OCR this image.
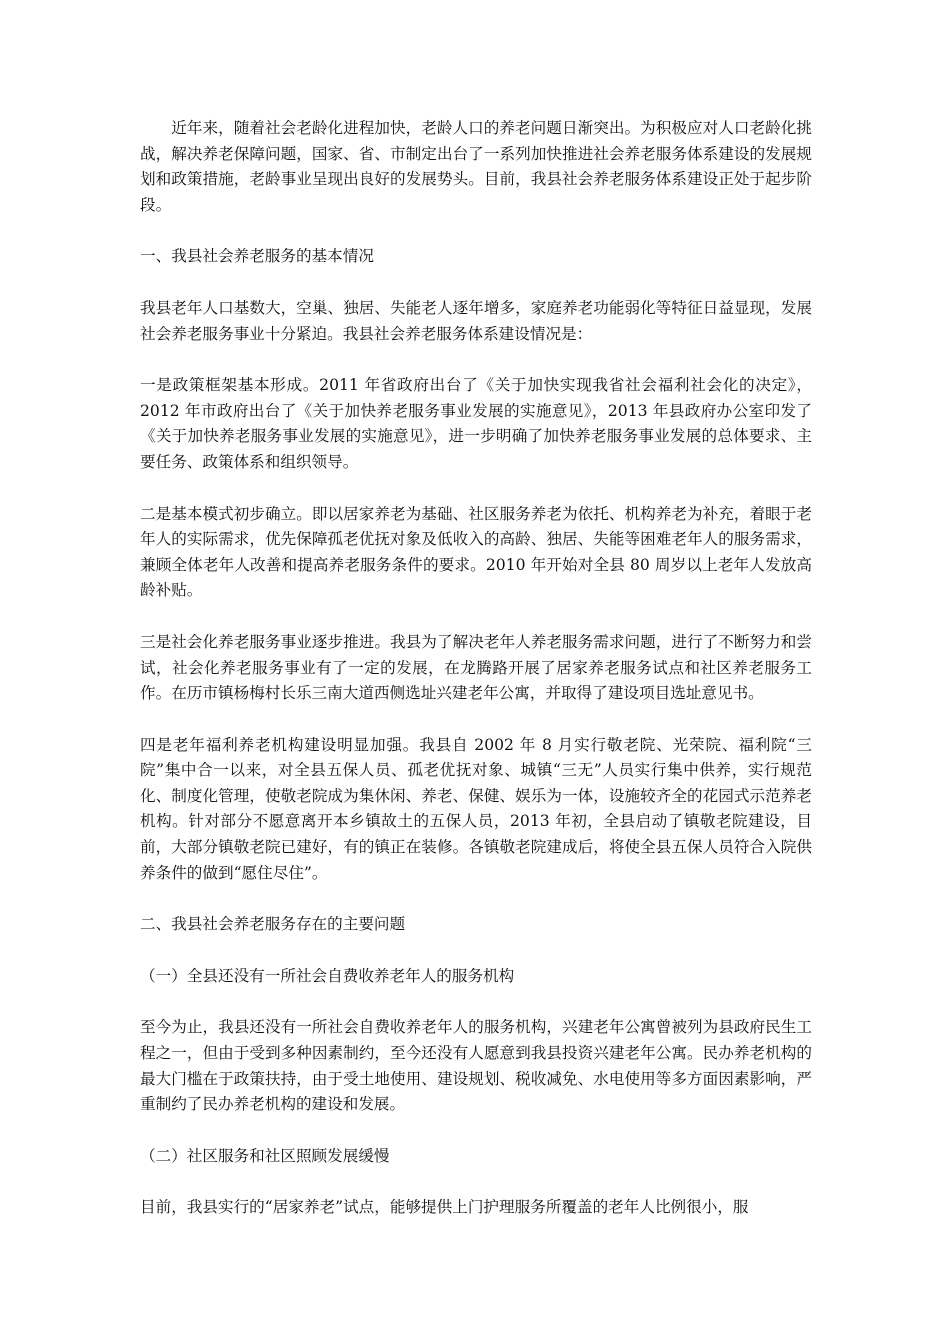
近年来，随着社会老龄化进程加快，老龄人口的养老问题日渐突出。为积极应对人口老龄化挑战，解决养老保障问题，国家、省、市制定出台了一系列加快推进社会养老服务体系建设的发展规划和政策措施，老龄事业呈现出良好的发展势头。目前，我县社会养老服务体系建设正处于起步阶段。

一、我县社会养老服务的基本情况

我县老年人口基数大，空巢、独居、失能老人逐年增多，家庭养老功能弱化等特征日益显现，发展社会养老服务事业十分紧迫。我县社会养老服务体系建设情况是：

一是政策框架基本形成。2011 年省政府出台了《关于加快实现我省社会福利社会化的决定》，2012 年市政府出台了《关于加快养老服务事业发展的实施意见》，2013 年县政府办公室印发了《关于加快养老服务事业发展的实施意见》，进一步明确了加快养老服务事业发展的总体要求、主要任务、政策体系和组织领导。

二是基本模式初步确立。即以居家养老为基础、社区服务养老为依托、机构养老为补充，着眼于老年人的实际需求，优先保障孤老优抚对象及低收入的高龄、独居、失能等困难老年人的服务需求，兼顾全体老年人改善和提高养老服务条件的要求。2010 年开始对全县 80 周岁以上老年人发放高龄补贴。

三是社会化养老服务事业逐步推进。我县为了解决老年人养老服务需求问题，进行了不断努力和尝试，社会化养老服务事业有了一定的发展，在龙腾路开展了居家养老服务试点和社区养老服务工作。在历市镇杨梅村长乐三南大道西侧选址兴建老年公寓，并取得了建设项目选址意见书。

四是老年福利养老机构建设明显加强。我县自 2002 年 8 月实行敬老院、光荣院、福利院“三院”集中合一以来，对全县五保人员、孤老优抚对象、城镇“三无”人员实行集中供养，实行规范化、制度化管理，使敬老院成为集休闲、养老、保健、娱乐为一体，设施较齐全的花园式示范养老机构。针对部分不愿意离开本乡镇故土的五保人员，2013 年初，全县启动了镇敬老院建设，目前，大部分镇敬老院已建好，有的镇正在装修。各镇敬老院建成后，将使全县五保人员符合入院供养条件的做到“愿住尽住”。

二、我县社会养老服务存在的主要问题

（一）全县还没有一所社会自费收养老年人的服务机构

至今为止，我县还没有一所社会自费收养老年人的服务机构，兴建老年公寓曾被列为县政府民生工程之一，但由于受到多种因素制约，至今还没有人愿意到我县投资兴建老年公寓。民办养老机构的最大门槛在于政策扶持，由于受土地使用、建设规划、税收减免、水电使用等多方面因素影响，严重制约了民办养老机构的建设和发展。

（二）社区服务和社区照顾发展缓慢

目前，我县实行的“居家养老”试点，能够提供上门护理服务所覆盖的老年人比例很小，服
